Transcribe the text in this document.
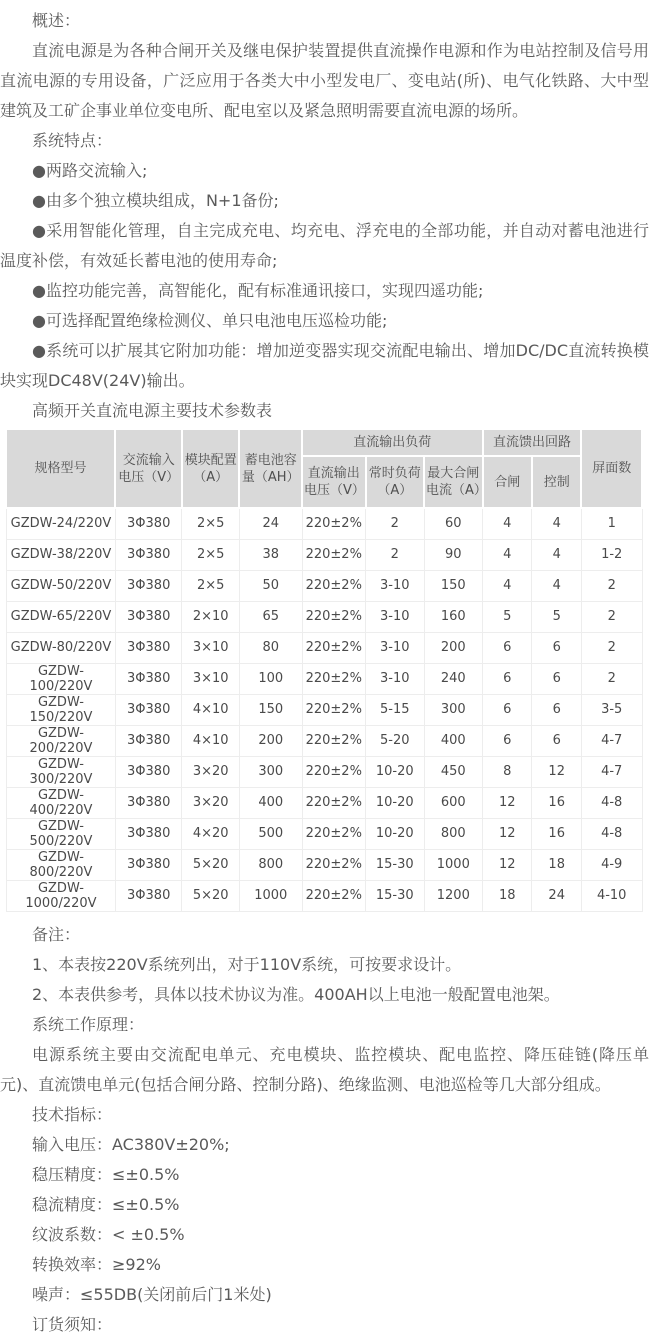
概述：

直流电源是为各种合闸开关及继电保护装置提供直流操作电源和作为电站控制及信号用直流电源的专用设备，广泛应用于各类大中小型发电厂、变电站(所)、电气化铁路、大中型建筑及工矿企事业单位变电所、配电室以及紧急照明需要直流电源的场所。

系统特点：

●两路交流输入;

●由多个独立模块组成，N+1备份;

●采用智能化管理，自主完成充电、均充电、浮充电的全部功能，并自动对蓄电池进行温度补偿，有效延长蓄电池的使用寿命;

●监控功能完善，高智能化，配有标准通讯接口，实现四遥功能;

●可选择配置绝缘检测仪、单只电池电压巡检功能;

●系统可以扩展其它附加功能：增加逆变器实现交流配电输出、增加DC/DC直流转换模块实现DC48V(24V)输出。

高频开关直流电源主要技术参数表

规格型号	交流输入电压（V）	模块配置（A）	蓄电池容量（AH）	直流输出负荷			直流馈出回路		屏面数
				直流输出电压（V）	常时负荷（A）	最大合闸电流（A）	合闸	控制	
GZDW-24/220V	3Φ380	2×5	24	220±2%	2	60	4	4	1
GZDW-38/220V	3Φ380	2×5	38	220±2%	2	90	4	4	1-2
GZDW-50/220V	3Φ380	2×5	50	220±2%	3-10	150	4	4	2
GZDW-65/220V	3Φ380	2×10	65	220±2%	3-10	160	5	5	2
GZDW-80/220V	3Φ380	3×10	80	220±2%	3-10	200	6	6	2
GZDW-100/220V	3Φ380	3×10	100	220±2%	3-10	240	6	6	2
GZDW-150/220V	3Φ380	4×10	150	220±2%	5-15	300	6	6	3-5
GZDW-200/220V	3Φ380	4×10	200	220±2%	5-20	400	6	6	4-7
GZDW-300/220V	3Φ380	3×20	300	220±2%	10-20	450	8	12	4-7
GZDW-400/220V	3Φ380	3×20	400	220±2%	10-20	600	12	16	4-8
GZDW-500/220V	3Φ380	4×20	500	220±2%	10-20	800	12	16	4-8
GZDW-800/220V	3Φ380	5×20	800	220±2%	15-30	1000	12	18	4-9
GZDW-1000/220V	3Φ380	5×20	1000	220±2%	15-30	1200	18	24	4-10

备注：

1、本表按220V系统列出，对于110V系统，可按要求设计。

2、本表供参考，具体以技术协议为准。400AH以上电池一般配置电池架。

系统工作原理：

电源系统主要由交流配电单元、充电模块、监控模块、配电监控、降压硅链(降压单元)、直流馈电单元(包括合闸分路、控制分路)、绝缘监测、电池巡检等几大部分组成。

技术指标：

输入电压：AC380V±20%;

稳压精度：≤±0.5%

稳流精度：≤±0.5%

纹波系数：< ±0.5%

转换效率：≥92%

噪声：≤55DB(关闭前后门1米处)

订货须知：
